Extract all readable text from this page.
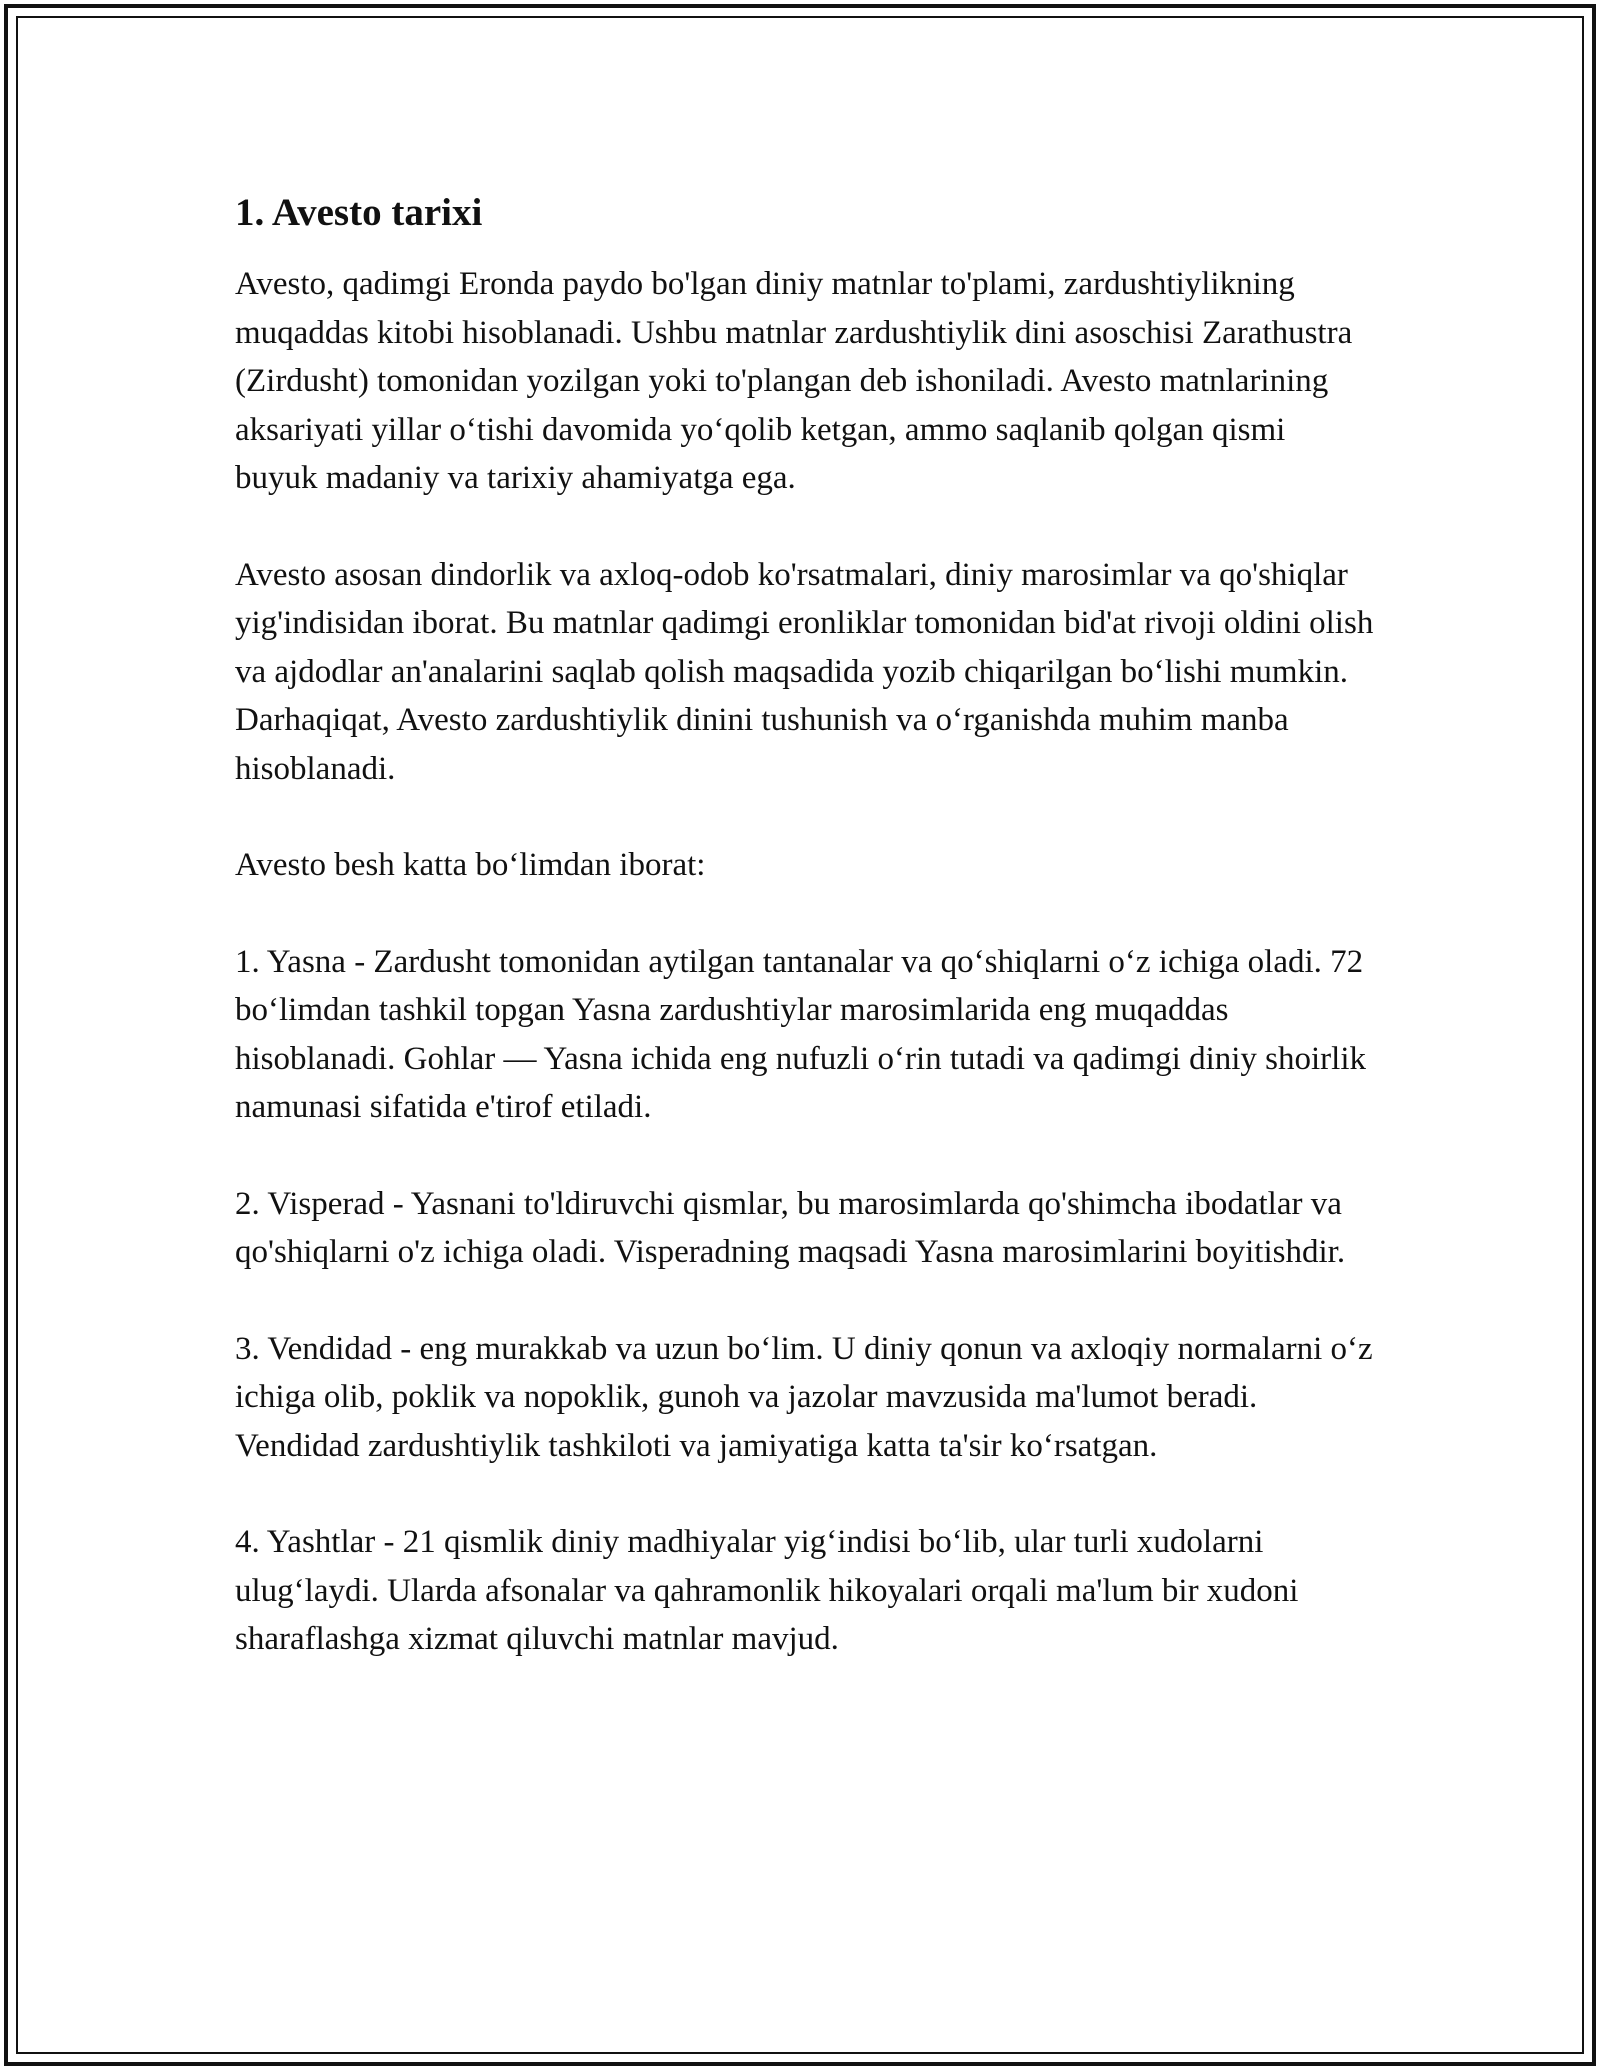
1. Avesto tarixi

Avesto, qadimgi Eronda paydo bo'lgan diniy matnlar to'plami, zardushtiylikning muqaddas kitobi hisoblanadi. Ushbu matnlar zardushtiylik dini asoschisi Zarathustra (Zirdusht) tomonidan yozilgan yoki to'plangan deb ishoniladi. Avesto matnlarining aksariyati yillar o‘tishi davomida yo‘qolib ketgan, ammo saqlanib qolgan qismi buyuk madaniy va tarixiy ahamiyatga ega.

Avesto asosan dindorlik va axloq-odob ko'rsatmalari, diniy marosimlar va qo'shiqlar yig'indisidan iborat. Bu matnlar qadimgi eronliklar tomonidan bid'at rivoji oldini olish va ajdodlar an'analarini saqlab qolish maqsadida yozib chiqarilgan bo‘lishi mumkin. Darhaqiqat, Avesto zardushtiylik dinini tushunish va o‘rganishda muhim manba hisoblanadi.

Avesto besh katta bo‘limdan iborat:

1. Yasna - Zardusht tomonidan aytilgan tantanalar va qo‘shiqlarni o‘z ichiga oladi. 72 bo‘limdan tashkil topgan Yasna zardushtiylar marosimlarida eng muqaddas hisoblanadi. Gohlar — Yasna ichida eng nufuzli o‘rin tutadi va qadimgi diniy shoirlik namunasi sifatida e'tirof etiladi.

2. Visperad - Yasnani to'ldiruvchi qismlar, bu marosimlarda qo'shimcha ibodatlar va qo'shiqlarni o'z ichiga oladi. Visperadning maqsadi Yasna marosimlarini boyitishdir.

3. Vendidad - eng murakkab va uzun bo‘lim. U diniy qonun va axloqiy normalarni o‘z ichiga olib, poklik va nopoklik, gunoh va jazolar mavzusida ma'lumot beradi. Vendidad zardushtiylik tashkiloti va jamiyatiga katta ta'sir ko‘rsatgan.

4. Yashtlar - 21 qismlik diniy madhiyalar yig‘indisi bo‘lib, ular turli xudolarni ulug‘laydi. Ularda afsonalar va qahramonlik hikoyalari orqali ma'lum bir xudoni sharaflashga xizmat qiluvchi matnlar mavjud.
